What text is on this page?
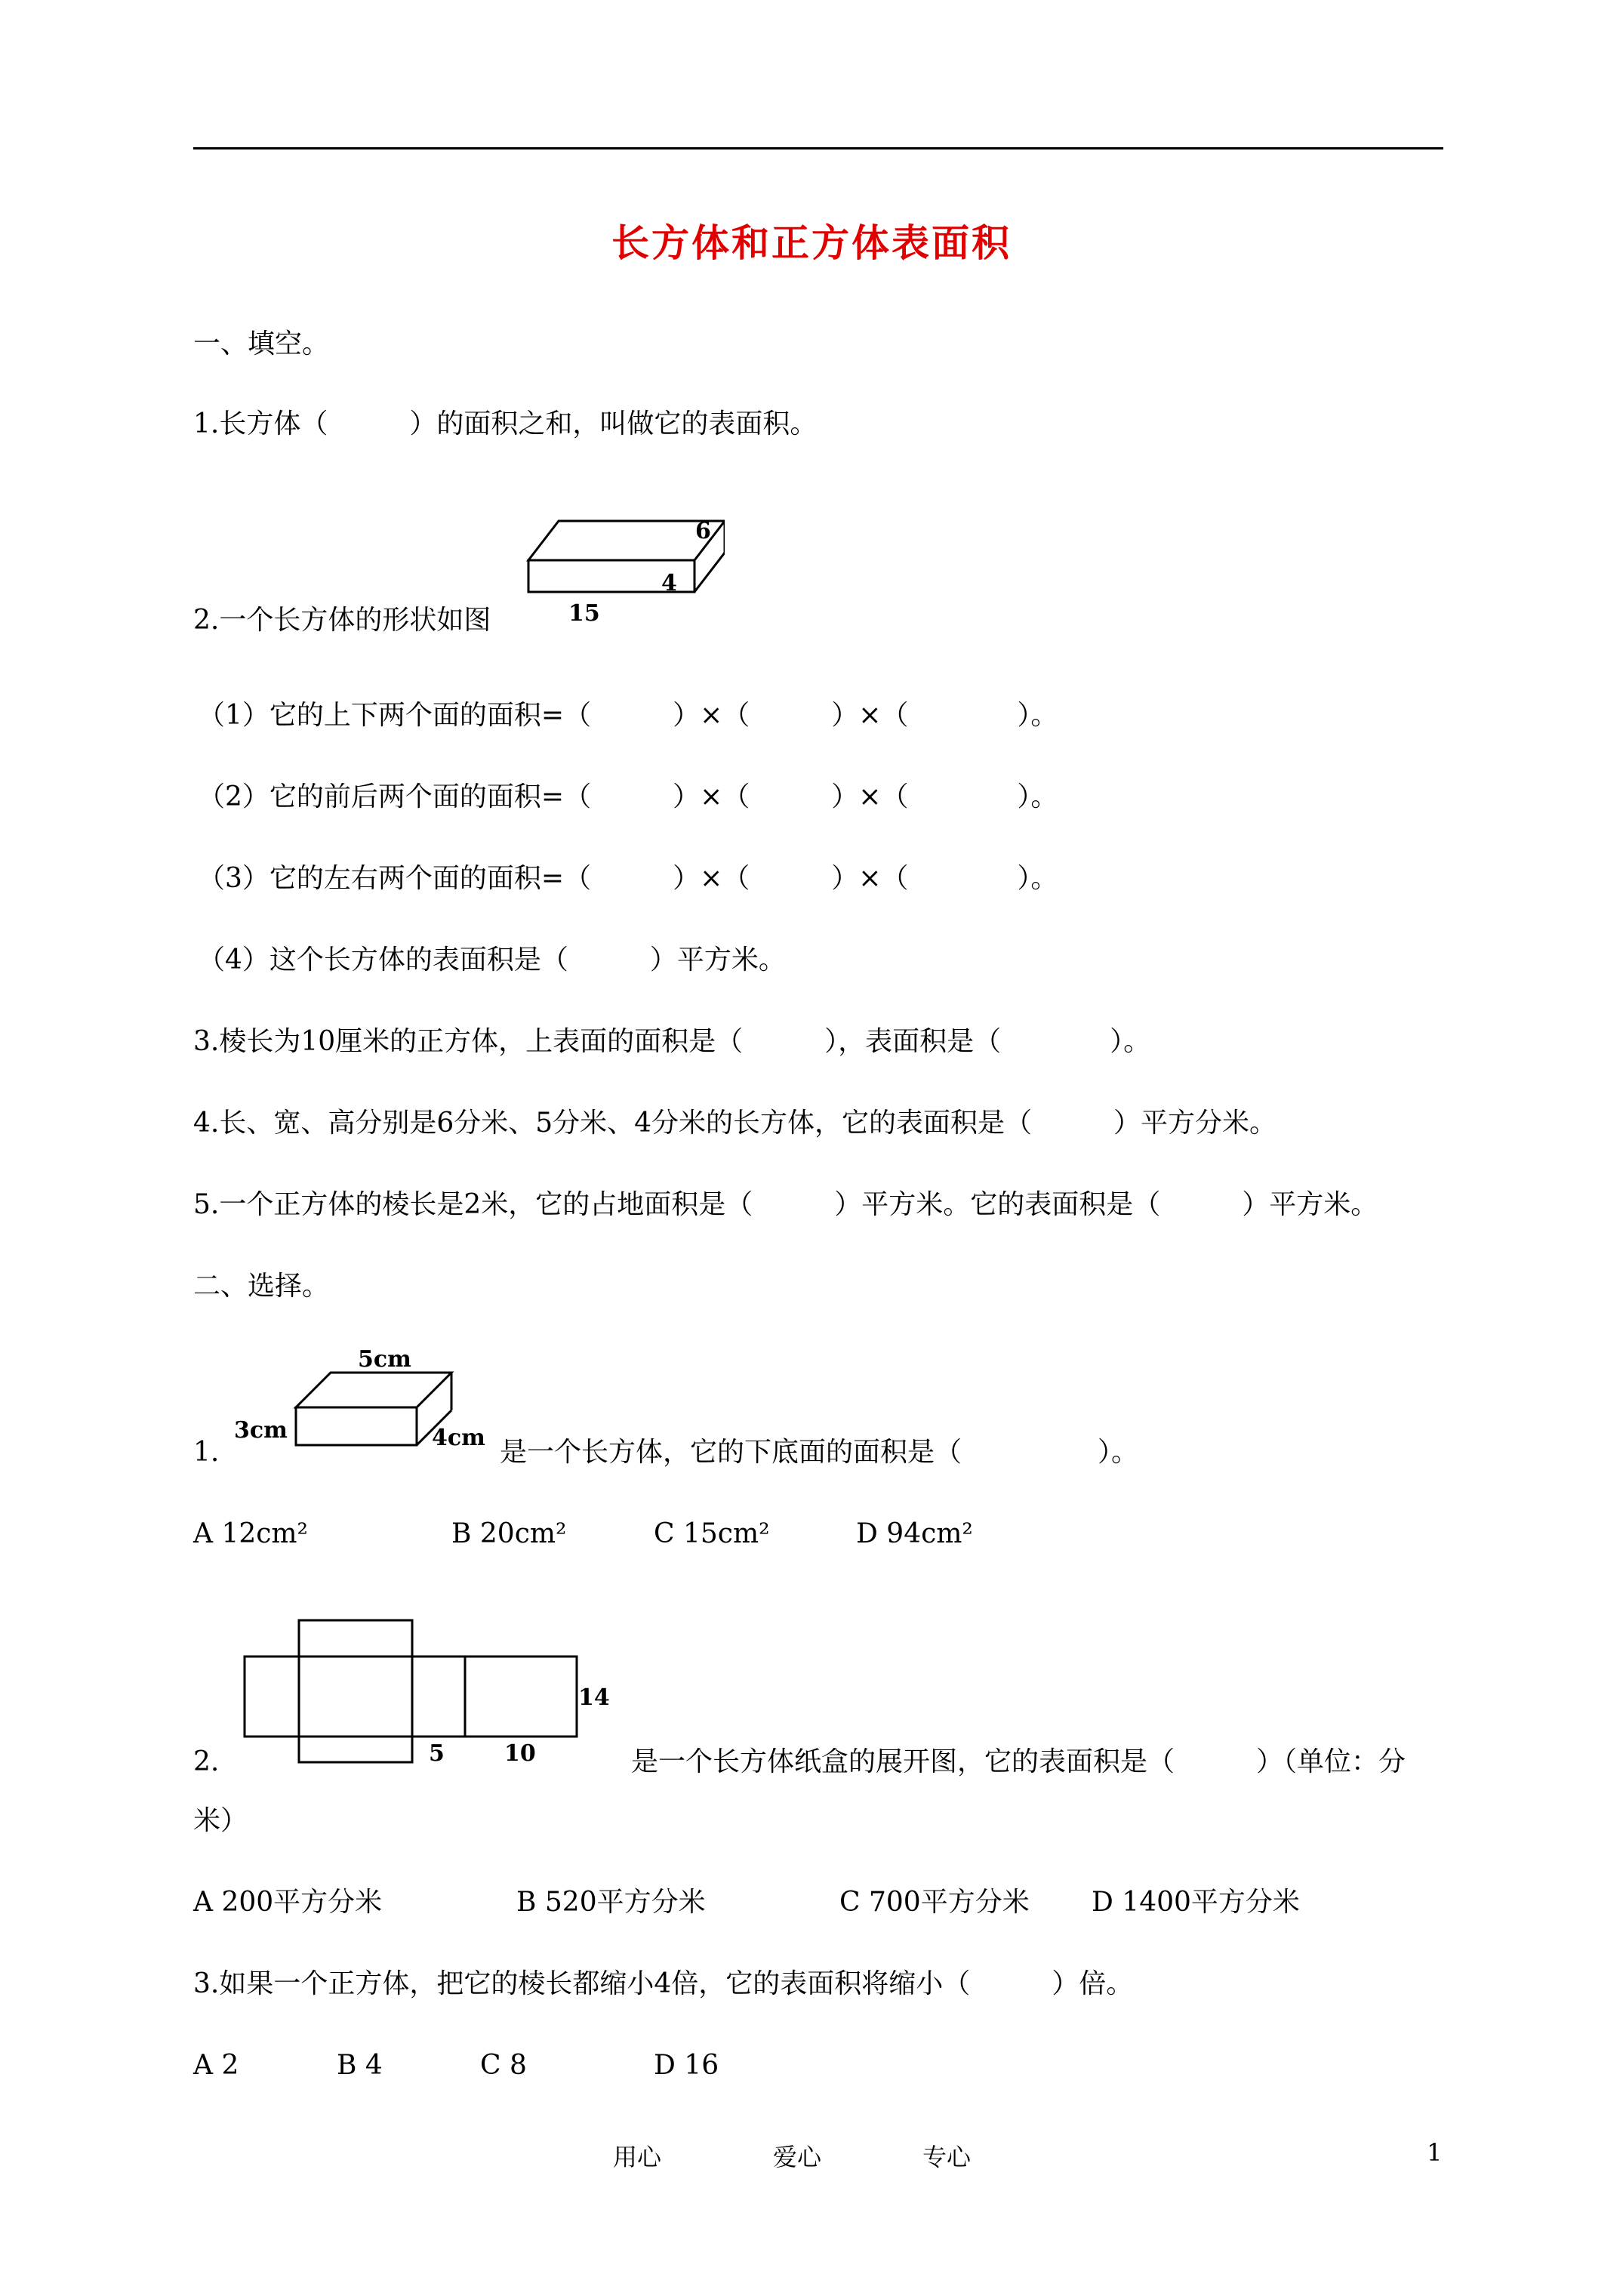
长方体和正方体表面积
一、填空。
1.长方体（　　　）的面积之和，叫做它的表面积。
6
4
15
2.一个长方体的形状如图
（1）它的上下两个面的面积=（　　　）×（　　　）×（　　　　）。
（2）它的前后两个面的面积=（　　　）×（　　　）×（　　　　）。
（3）它的左右两个面的面积=（　　　）×（　　　）×（　　　　）。
（4）这个长方体的表面积是（　　　）平方米。
3.棱长为10厘米的正方体，上表面的面积是（　　　），表面积是（　　　　）。
4.长、宽、高分别是6分米、5分米、4分米的长方体，它的表面积是（　　　）平方分米。
5.一个正方体的棱长是2米，它的占地面积是（　　　）平方米。它的表面积是（　　　）平方米。
二、选择。
5cm
3cm	4cm
1.	是一个长方体，它的下底面的面积是（　　　　　）。
A 12cm²	B 20cm²	C 15cm²	D 94cm²
14
5	10
2.	是一个长方体纸盒的展开图，它的表面积是（　　　）（单位：分
米）
A 200平方分米	B 520平方分米	C 700平方分米 D 1400平方分米
3.如果一个正方体，把它的棱长都缩小4倍，它的表面积将缩小（　　　）倍。
A 2	B 4	C 8	D 16
用心	爱心	专心	1
